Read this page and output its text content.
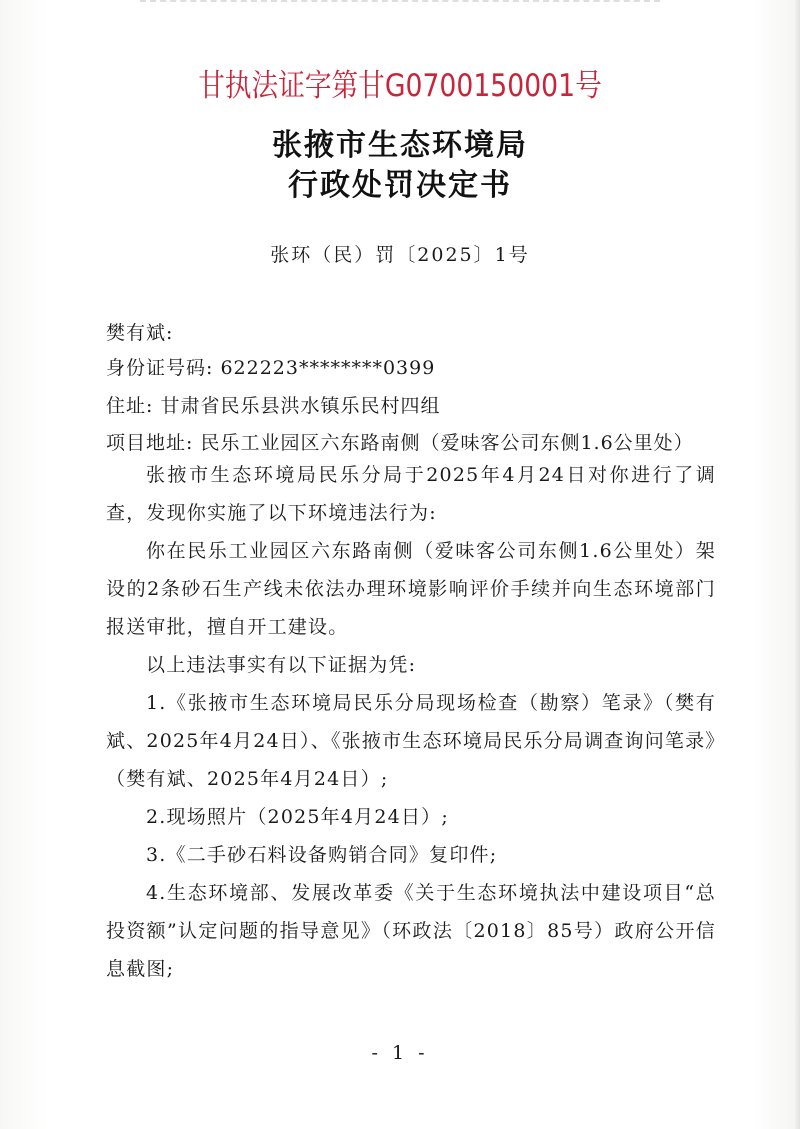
甘执法证字第甘G0700150001号
张掖市生态环境局
行政处罚决定书
张环（民）罚〔2025〕1号
樊有斌:
身份证号码: 622223********0399
住址: 甘肃省民乐县洪水镇乐民村四组
项目地址: 民乐工业园区六东路南侧（爱味客公司东侧1.6公里处）
张掖市生态环境局民乐分局于2025年4月24日对你进行了调查，发现你实施了以下环境违法行为:
你在民乐工业园区六东路南侧（爱味客公司东侧1.6公里处）架设的2条砂石生产线未依法办理环境影响评价手续并向生态环境部门报送审批，擅自开工建设。
以上违法事实有以下证据为凭:
1.《张掖市生态环境局民乐分局现场检查（勘察）笔录》（樊有斌、2025年4月24日）、《张掖市生态环境局民乐分局调查询问笔录》（樊有斌、2025年4月24日）;
2.现场照片（2025年4月24日）;
3.《二手砂石料设备购销合同》复印件;
4.生态环境部、发展改革委《关于生态环境执法中建设项目“总投资额”认定问题的指导意见》（环政法〔2018〕85号）政府公开信息截图;
- 1 -
